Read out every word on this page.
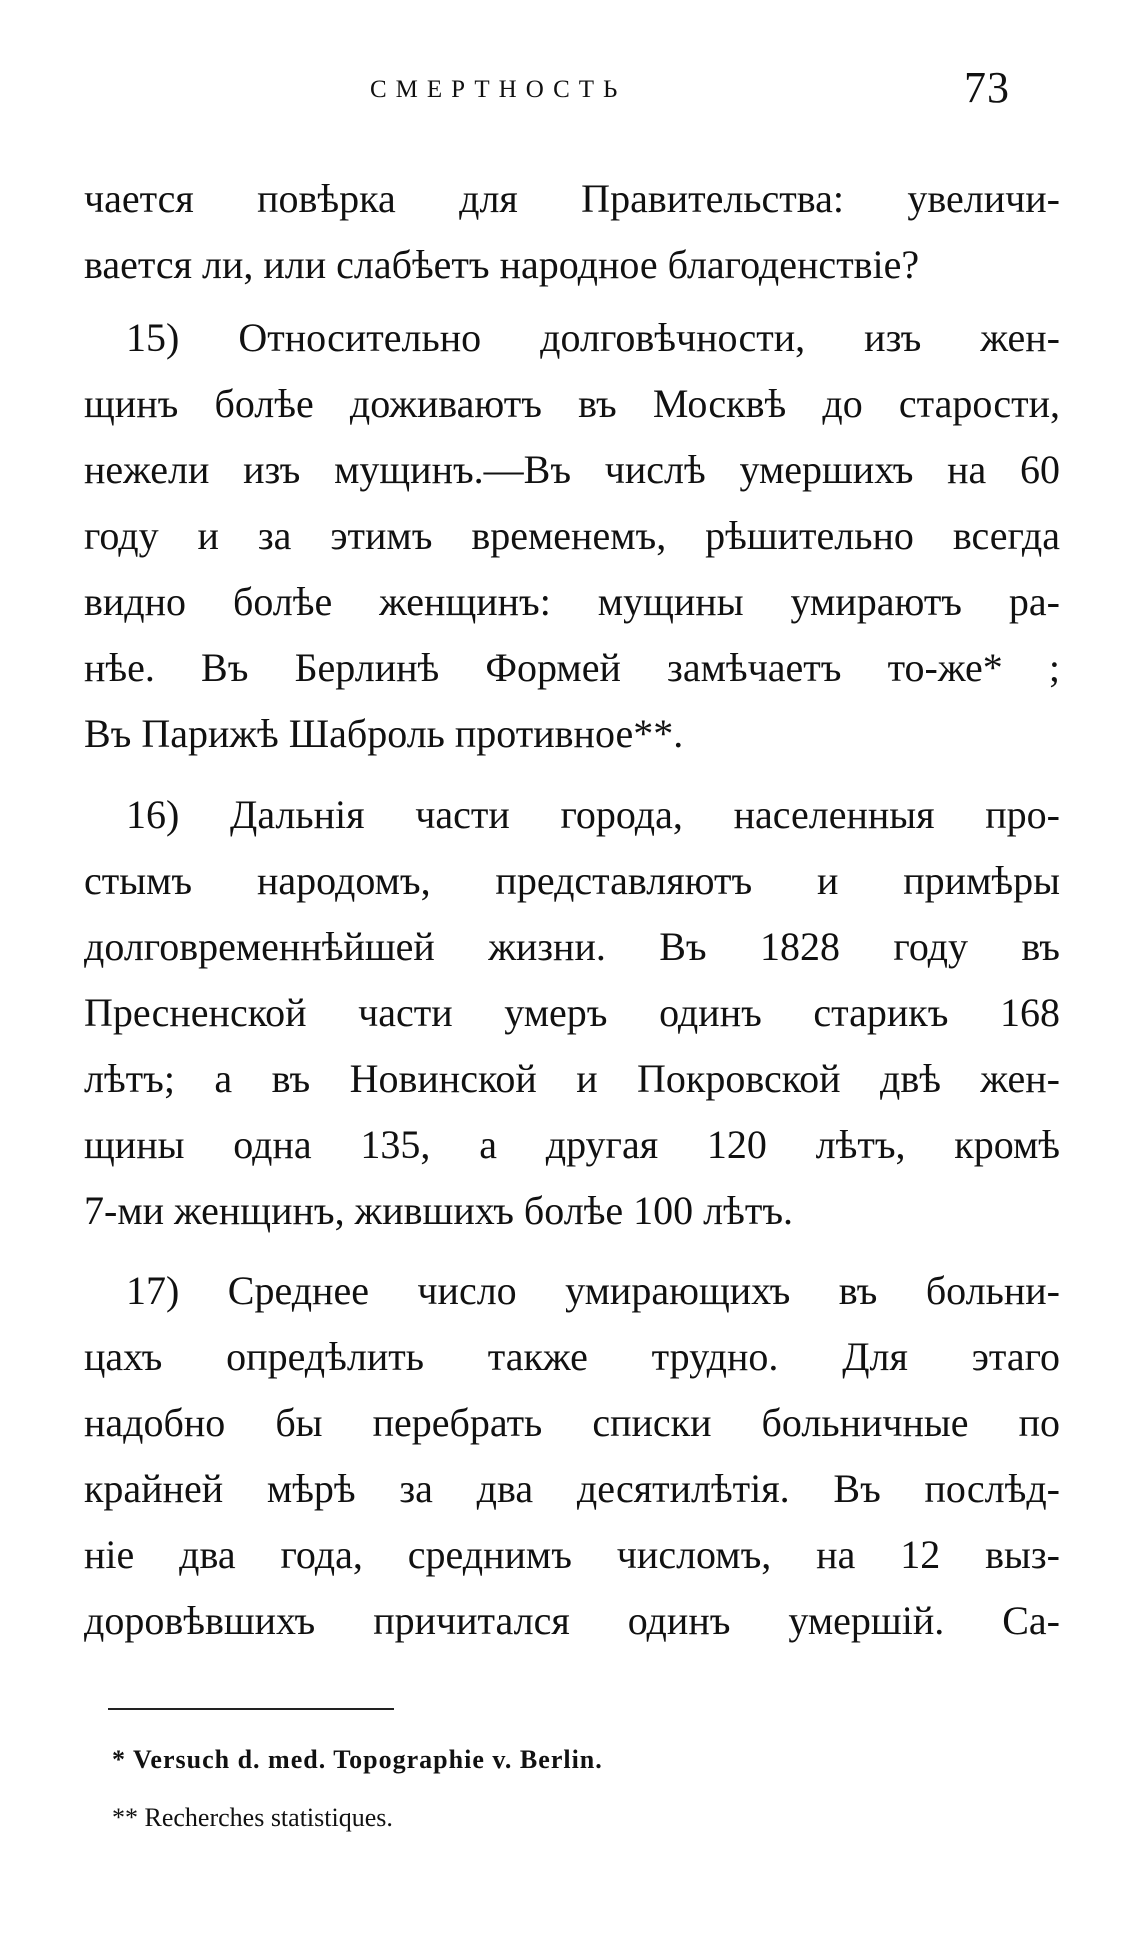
СМЕРТНОСТЬ	73
чается повѣрка для Правительства: увеличи-
вается ли, или слабѣетъ народное благоденствіе?
15) Относительно долговѣчности, изъ жен-
щинъ болѣе доживаютъ въ Москвѣ до старости,
нежели изъ мущинъ.—Въ числѣ умершихъ на 60
году и за этимъ временемъ, рѣшительно всегда
видно болѣе женщинъ: мущины умираютъ ра-
нѣе. Въ Берлинѣ Формей замѣчаетъ то-же* ;
Въ Парижѣ Шаброль противное**.
16) Дальнія части города, населенныя про-
стымъ народомъ, представляютъ и примѣры
долговременнѣйшей жизни. Въ 1828 году въ
Пресненской части умеръ одинъ старикъ 168
лѣтъ; а въ Новинской и Покровской двѣ жен-
щины одна 135, а другая 120 лѣтъ, кромѣ
7-ми женщинъ, жившихъ болѣе 100 лѣтъ.
17) Среднее число умирающихъ въ больни-
цахъ опредѣлить также трудно. Для этаго
надобно бы перебрать списки больничные по
крайней мѣрѣ за два десятилѣтія. Въ послѣд-
ніе два года, среднимъ числомъ, на 12 выз-
доровѣвшихъ причитался одинъ умершій. Са-
* Versuch d. med. Topographie v. Berlin.
** Recherches statistiques.
